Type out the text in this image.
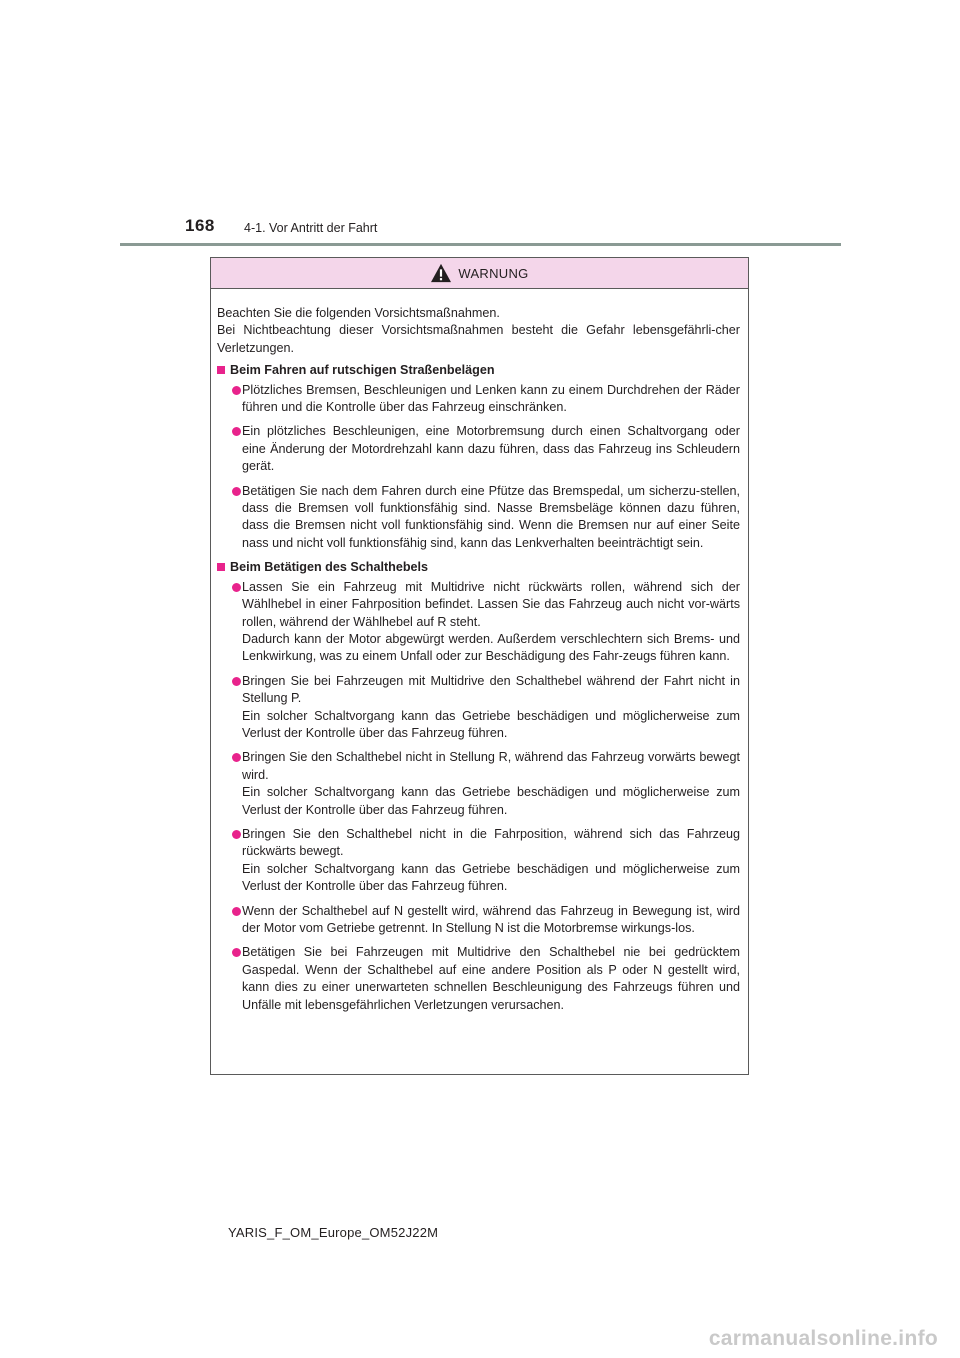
168 4-1. Vor Antritt der Fahrt
WARNUNG

Beachten Sie die folgenden Vorsichtsmaßnahmen.

Bei Nichtbeachtung dieser Vorsichtsmaßnahmen besteht die Gefahr lebensgefährli-cher Verletzungen.

Beim Fahren auf rutschigen Straßenbelägen
Plötzliches Bremsen, Beschleunigen und Lenken kann zu einem Durchdrehen der Räder führen und die Kontrolle über das Fahrzeug einschränken.
Ein plötzliches Beschleunigen, eine Motorbremsung durch einen Schaltvorgang oder eine Änderung der Motordrehzahl kann dazu führen, dass das Fahrzeug ins Schleudern gerät.
Betätigen Sie nach dem Fahren durch eine Pfütze das Bremspedal, um sicherzu-stellen, dass die Bremsen voll funktionsfähig sind. Nasse Bremsbeläge können dazu führen, dass die Bremsen nicht voll funktionsfähig sind. Wenn die Bremsen nur auf einer Seite nass und nicht voll funktionsfähig sind, kann das Lenkverhalten beeinträchtigt sein.
Beim Betätigen des Schalthebels
Lassen Sie ein Fahrzeug mit Multidrive nicht rückwärts rollen, während sich der Wählhebel in einer Fahrposition befindet. Lassen Sie das Fahrzeug auch nicht vor-wärts rollen, während der Wählhebel auf R steht.
Dadurch kann der Motor abgewürgt werden. Außerdem verschlechtern sich Brems- und Lenkwirkung, was zu einem Unfall oder zur Beschädigung des Fahr-zeugs führen kann.
Bringen Sie bei Fahrzeugen mit Multidrive den Schalthebel während der Fahrt nicht in Stellung P.
Ein solcher Schaltvorgang kann das Getriebe beschädigen und möglicherweise zum Verlust der Kontrolle über das Fahrzeug führen.
Bringen Sie den Schalthebel nicht in Stellung R, während das Fahrzeug vorwärts bewegt wird.
Ein solcher Schaltvorgang kann das Getriebe beschädigen und möglicherweise zum Verlust der Kontrolle über das Fahrzeug führen.
Bringen Sie den Schalthebel nicht in die Fahrposition, während sich das Fahrzeug rückwärts bewegt.
Ein solcher Schaltvorgang kann das Getriebe beschädigen und möglicherweise zum Verlust der Kontrolle über das Fahrzeug führen.
Wenn der Schalthebel auf N gestellt wird, während das Fahrzeug in Bewegung ist, wird der Motor vom Getriebe getrennt. In Stellung N ist die Motorbremse wirkungs-los.
Betätigen Sie bei Fahrzeugen mit Multidrive den Schalthebel nie bei gedrücktem Gaspedal. Wenn der Schalthebel auf eine andere Position als P oder N gestellt wird, kann dies zu einer unerwarteten schnellen Beschleunigung des Fahrzeugs führen und Unfälle mit lebensgefährlichen Verletzungen verursachen.
YARIS_F_OM_Europe_OM52J22M
carmanualsonline.info
